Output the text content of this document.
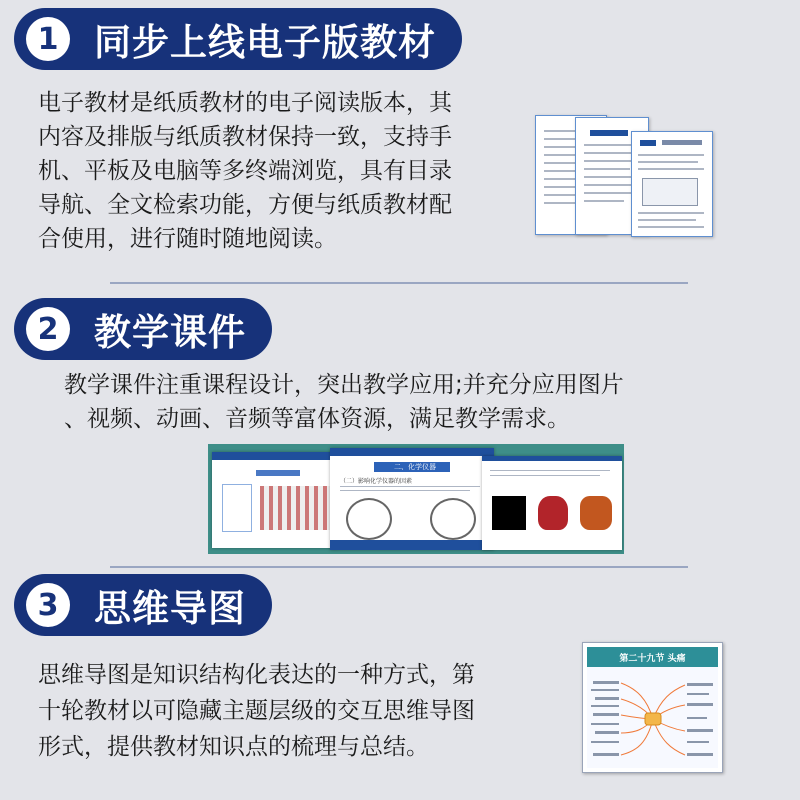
1 同步上线电子版教材
电子教材是纸质教材的电子阅读版本，其
内容及排版与纸质教材保持一致，支持手
机、平板及电脑等多终端浏览，具有目录
导航、全文检索功能，方便与纸质教材配
合使用，进行随时随地阅读。
2 教学课件
教学课件注重课程设计，突出教学应用;并充分应用图片
、视频、动画、音频等富体资源，满足教学需求。
二、化学仪器
（二）影响化学仪器的因素
3 思维导图
思维导图是知识结构化表达的一种方式，第
十轮教材以可隐藏主题层级的交互思维导图
形式，提供教材知识点的梳理与总结。
第二十九节 头痛
